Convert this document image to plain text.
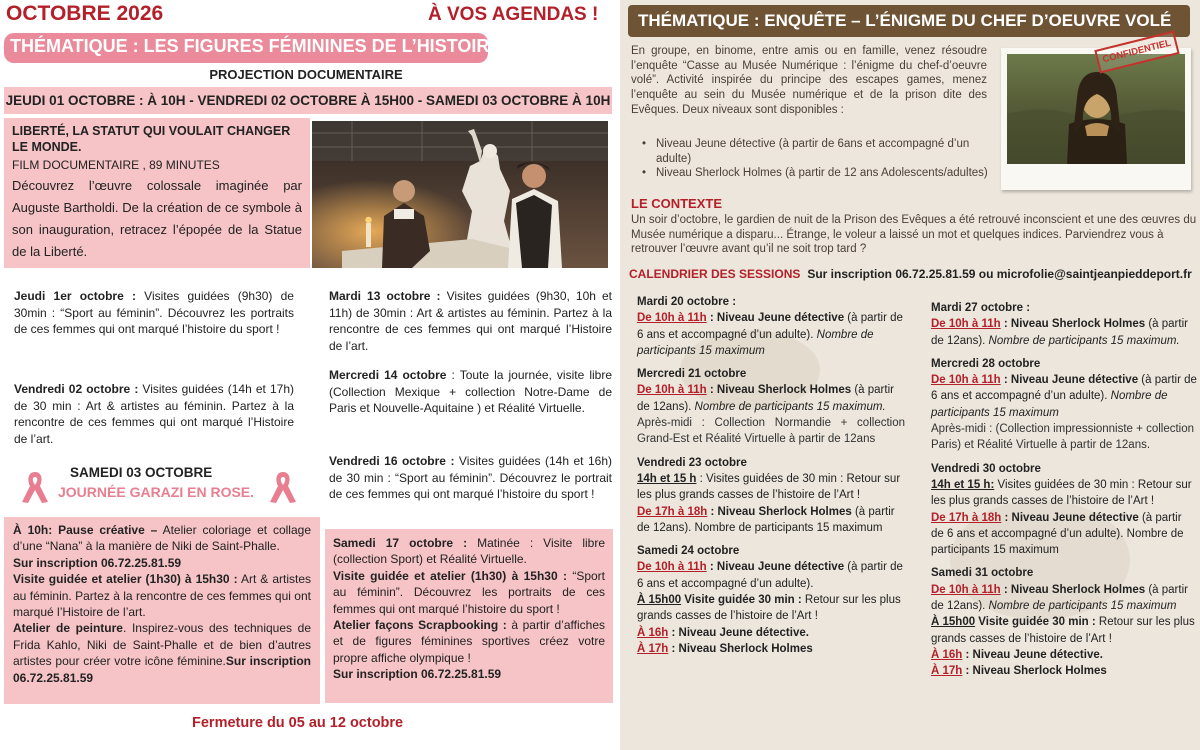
OCTOBRE 2026	À VOS AGENDAS !
THÉMATIQUE : LES FIGURES FÉMININES DE L’HISTOIRE
PROJECTION DOCUMENTAIRE
JEUDI 01 OCTOBRE : À 10H - VENDREDI 02 OCTOBRE À 15H00 - SAMEDI 03 OCTOBRE À 10H
LIBERTÉ, LA STATUT QUI VOULAIT CHANGER LE MONDE.
FILM DOCUMENTAIRE , 89 MINUTES
Découvrez l’œuvre colossale imaginée par Auguste Bartholdi. De la création de ce symbole à son inauguration, retracez l’épopée de la Statue de la Liberté.
Jeudi 1er octobre : Visites guidées (9h30) de 30min : “Sport au féminin”. Découvrez les portraits de ces femmes qui ont marqué l’histoire du sport !
Vendredi 02 octobre : Visites guidées (14h et 17h) de 30 min : Art & artistes au féminin. Partez à la rencontre de ces femmes qui ont marqué l’Histoire de l’art.
Mardi 13 octobre : Visites guidées (9h30, 10h et 11h) de 30min : Art & artistes au féminin. Partez à la rencontre de ces femmes qui ont marqué l’Histoire de l’art.
Mercredi 14 octobre : Toute la journée, visite libre (Collection Mexique + collection Notre-Dame de Paris et Nouvelle-Aquitaine ) et Réalité Virtuelle.
Vendredi 16 octobre : Visites guidées (14h et 16h) de 30 min : “Sport au féminin”. Découvrez le portrait de ces femmes qui ont marqué l’histoire du sport !
SAMEDI 03 OCTOBRE
JOURNÉE GARAZI EN ROSE.
À 10h: Pause créative – Atelier coloriage et collage d’une “Nana” à la manière de Niki de Saint-Phalle.
Sur inscription 06.72.25.81.59
Visite guidée et atelier (1h30) à 15h30 : Art & artistes au féminin. Partez à la rencontre de ces femmes qui ont marqué l’Histoire de l’art.
Atelier de peinture. Inspirez-vous des techniques de Frida Kahlo, Niki de Saint-Phalle et de bien d’autres artistes pour créer votre icône féminine.Sur inscription 06.72.25.81.59
Samedi 17 octobre : Matinée : Visite libre (collection Sport) et Réalité Virtuelle.
Visite guidée et atelier (1h30) à 15h30 : “Sport au féminin”. Découvrez les portraits de ces femmes qui ont marqué l’histoire du sport !
Atelier façons Scrapbooking : à partir d’affiches et de figures féminines sportives créez votre propre affiche olympique !
Sur inscription 06.72.25.81.59
Fermeture du 05 au 12 octobre
THÉMATIQUE : ENQUÊTE – L’ÉNIGME DU CHEF D’OEUVRE VOLÉ
En groupe, en binome, entre amis ou en famille, venez résoudre l’enquête “Casse au Musée Numérique : l’énigme du chef-d’oeuvre volé”. Activité inspirée du principe des escapes games, menez l’enquête au sein du Musée numérique et de la prison dite des Evêques. Deux niveaux sont disponibles :
• Niveau Jeune détective (à partir de 6ans et accompagné d’un adulte)
• Niveau Sherlock Holmes (à partir de 12 ans Adolescents/adultes)
CONFIDENTIEL
LE CONTEXTE
Un soir d’octobre, le gardien de nuit de la Prison des Evêques a été retrouvé inconscient et une des œuvres du Musée numérique a disparu... Étrange, le voleur a laissé un mot et quelques indices. Parviendrez vous à retrouver l’œuvre avant qu’il ne soit trop tard ?
CALENDRIER DES SESSIONS Sur inscription 06.72.25.81.59 ou microfolie@saintjeanpieddeport.fr
Mardi 20 octobre :
De 10h à 11h : Niveau Jeune détective (à partir de 6 ans et accompagné d’un adulte). Nombre de participants 15 maximum
Mercredi 21 octobre
De 10h à 11h : Niveau Sherlock Holmes (à partir de 12ans). Nombre de participants 15 maximum.
Après-midi : Collection Normandie + collection Grand-Est et Réalité Virtuelle à partir de 12ans
Vendredi 23 octobre
14h et 15 h : Visites guidées de 30 min : Retour sur les plus grands casses de l’histoire de l’Art !
De 17h à 18h : Niveau Sherlock Holmes (à partir de 12ans). Nombre de participants 15 maximum
Samedi 24 octobre
De 10h à 11h : Niveau Jeune détective (à partir de 6 ans et accompagné d’un adulte).
À 15h00 Visite guidée 30 min : Retour sur les plus grands casses de l’histoire de l’Art !
À 16h : Niveau Jeune détective.
À 17h : Niveau Sherlock Holmes
Mardi 27 octobre :
De 10h à 11h : Niveau Sherlock Holmes (à partir de 12ans). Nombre de participants 15 maximum.
Mercredi 28 octobre
De 10h à 11h : Niveau Jeune détective (à partir de 6 ans et accompagné d’un adulte). Nombre de participants 15 maximum
Après-midi : (Collection impressionniste + collection Paris) et Réalité Virtuelle à partir de 12ans.
Vendredi 30 octobre
14h et 15 h: Visites guidées de 30 min : Retour sur les plus grands casses de l’histoire de l’Art !
De 17h à 18h : Niveau Jeune détective (à partir de 6 ans et accompagné d’un adulte). Nombre de participants 15 maximum
Samedi 31 octobre
De 10h à 11h : Niveau Sherlock Holmes (à partir de 12ans). Nombre de participants 15 maximum
À 15h00 Visite guidée 30 min : Retour sur les plus grands casses de l’histoire de l’Art !
À 16h : Niveau Jeune détective.
À 17h : Niveau Sherlock Holmes
